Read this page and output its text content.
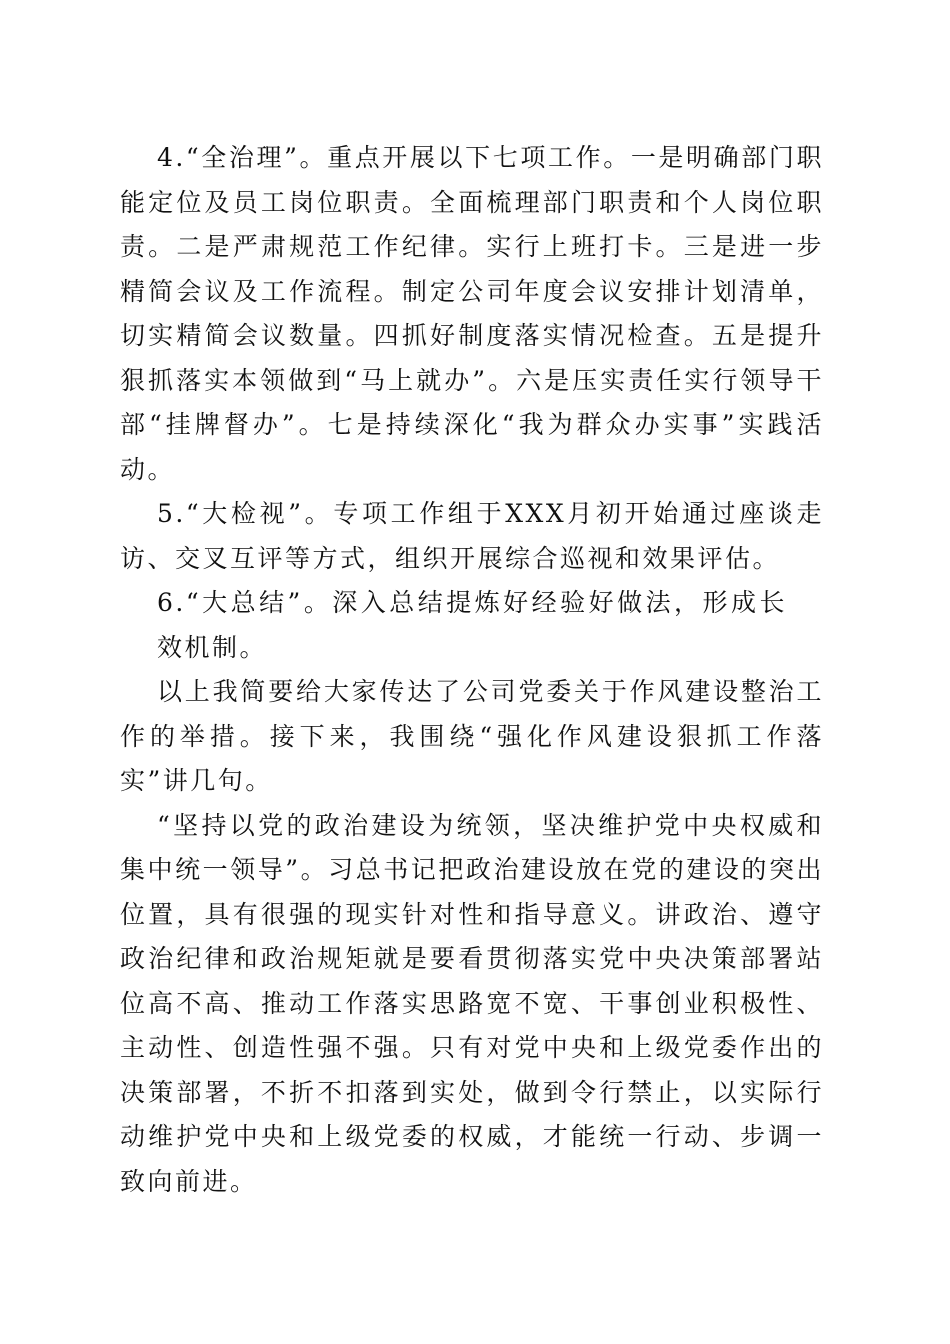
4.“全治理”。重点开展以下七项工作。一是明确部门职能定位及员工岗位职责。全面梳理部门职责和个人岗位职责。二是严肃规范工作纪律。实行上班打卡。三是进一步精简会议及工作流程。制定公司年度会议安排计划清单，切实精简会议数量。四抓好制度落实情况检查。五是提升狠抓落实本领做到“马上就办”。六是压实责任实行领导干部“挂牌督办”。七是持续深化“我为群众办实事”实践活动。

5.“大检视”。专项工作组于XXX月初开始通过座谈走访、交叉互评等方式，组织开展综合巡视和效果评估。

6.“大总结”。深入总结提炼好经验好做法，形成长效机制。

以上我简要给大家传达了公司党委关于作风建设整治工作的举措。接下来，我围绕“强化作风建设狠抓工作落实”讲几句。

“坚持以党的政治建设为统领，坚决维护党中央权威和集中统一领导”。习总书记把政治建设放在党的建设的突出位置，具有很强的现实针对性和指导意义。讲政治、遵守政治纪律和政治规矩就是要看贯彻落实党中央决策部署站位高不高、推动工作落实思路宽不宽、干事创业积极性、主动性、创造性强不强。只有对党中央和上级党委作出的决策部署，不折不扣落到实处，做到令行禁止，以实际行动维护党中央和上级党委的权威，才能统一行动、步调一致向前进。
